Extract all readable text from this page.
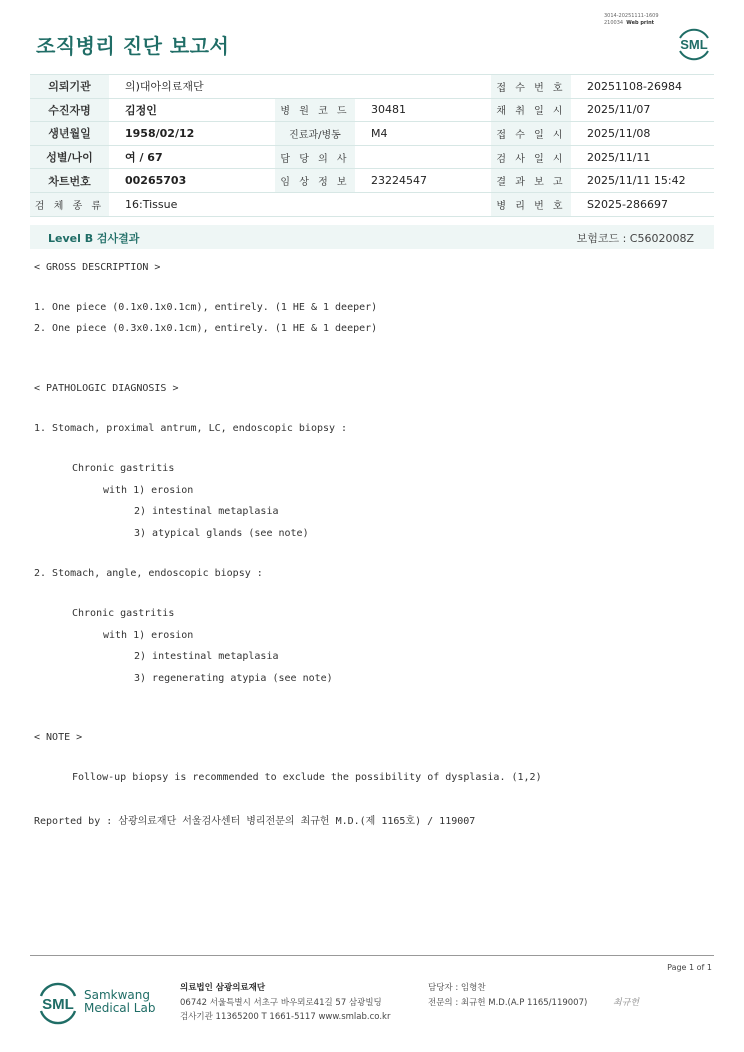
3014-20251111-1609
210034 Web print
조직병리 진단 보고서	SML
의뢰기관	의)대아의료재단			접 수 번 호	20251108-26984
수진자명	김정인	병 원 코 드	30481	채 취 일 시	2025/11/07
생년월일	1958/02/12	진료과/병동	M4	접 수 일 시	2025/11/08
성별/나이	여 / 67	담 당 의 사		검 사 일 시	2025/11/11
차트번호	00265703	임 상 정 보	23224547	결 과 보 고	2025/11/11 15:42
검 체 종 류	16:Tissue			병 리 번 호	S2025-286697
Level B 검사결과	보험코드 : C5602008Z
< GROSS DESCRIPTION >
1. One piece (0.1x0.1x0.1cm), entirely. (1 HE & 1 deeper)
2. One piece (0.3x0.1x0.1cm), entirely. (1 HE & 1 deeper)
< PATHOLOGIC DIAGNOSIS >
1. Stomach, proximal antrum, LC, endoscopic biopsy :
Chronic gastritis
with 1) erosion
2) intestinal metaplasia
3) atypical glands (see note)
2. Stomach, angle, endoscopic biopsy :
Chronic gastritis
with 1) erosion
2) intestinal metaplasia
3) regenerating atypia (see note)
< NOTE >
Follow-up biopsy is recommended to exclude the possibility of dysplasia. (1,2)
Reported by : 삼광의료재단 서울검사센터 병리전문의 최규헌 M.D.(제 1165호) / 119007
Page 1 of 1
SML
Samkwang
Medical Lab
의료법인 삼광의료재단
06742 서울특별시 서초구 바우뫼로41길 57 삼광빌딩
검사기관 11365200 T 1661-5117 www.smlab.co.kr
담당자 : 임형찬
전문의 : 최규헌 M.D.(A.P 1165/119007)	최규헌
